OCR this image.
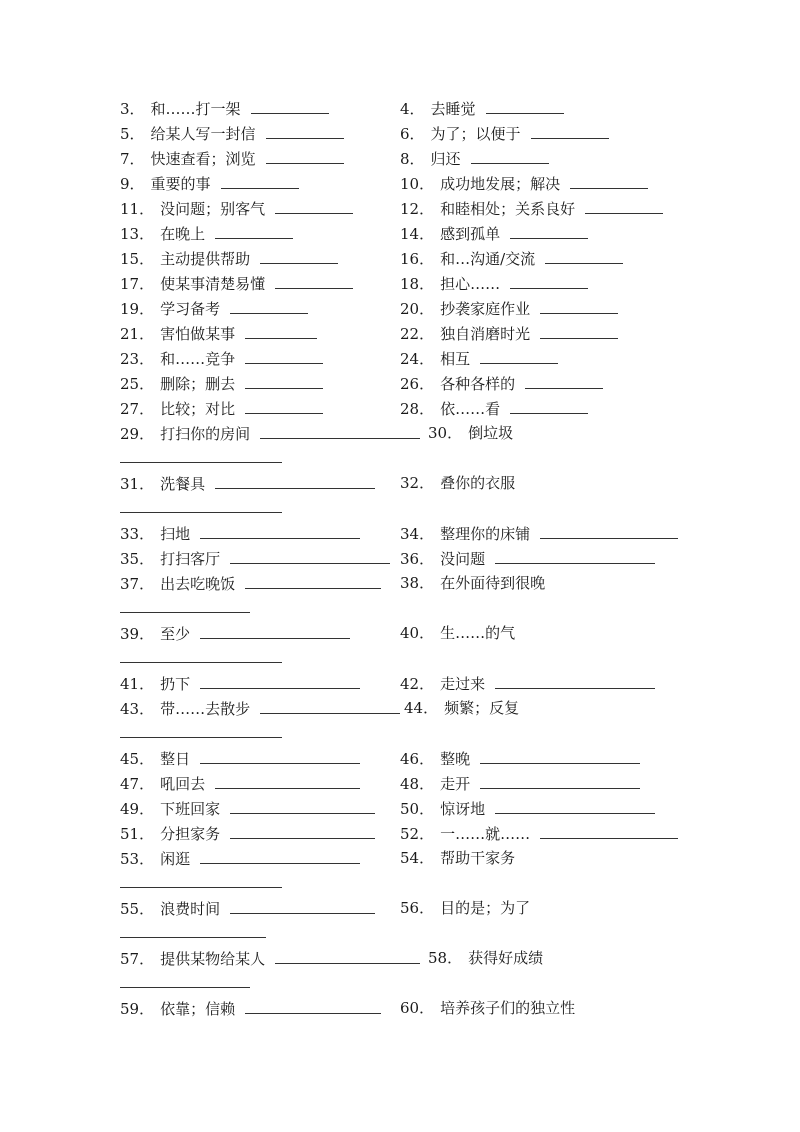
3． 和……打一架	4． 去睡觉
5． 给某人写一封信	6． 为了；以便于
7． 快速查看；浏览	8． 归还
9． 重要的事	10． 成功地发展；解决
11． 没问题；别客气	12． 和睦相处；关系良好
13． 在晚上	14． 感到孤单
15． 主动提供帮助	16． 和…沟通/交流
17． 使某事清楚易懂	18． 担心……
19． 学习备考	20． 抄袭家庭作业
21． 害怕做某事	22． 独自消磨时光
23． 和……竞争	24． 相互
25． 删除；删去	26． 各种各样的
27． 比较；对比	28． 依……看
29． 打扫你的房间	30． 倒垃圾
31． 洗餐具	32． 叠你的衣服
33． 扫地	34． 整理你的床铺
35． 打扫客厅	36． 没问题
37． 出去吃晚饭	38． 在外面待到很晚
39． 至少	40． 生……的气
41． 扔下	42． 走过来
43． 带……去散步	44． 频繁；反复
45． 整日	46． 整晚
47． 吼回去	48． 走开
49． 下班回家	50． 惊讶地
51． 分担家务	52． 一……就……
53． 闲逛	54． 帮助干家务
55． 浪费时间	56． 目的是；为了
57． 提供某物给某人	58． 获得好成绩
59． 依靠；信赖	60． 培养孩子们的独立性
